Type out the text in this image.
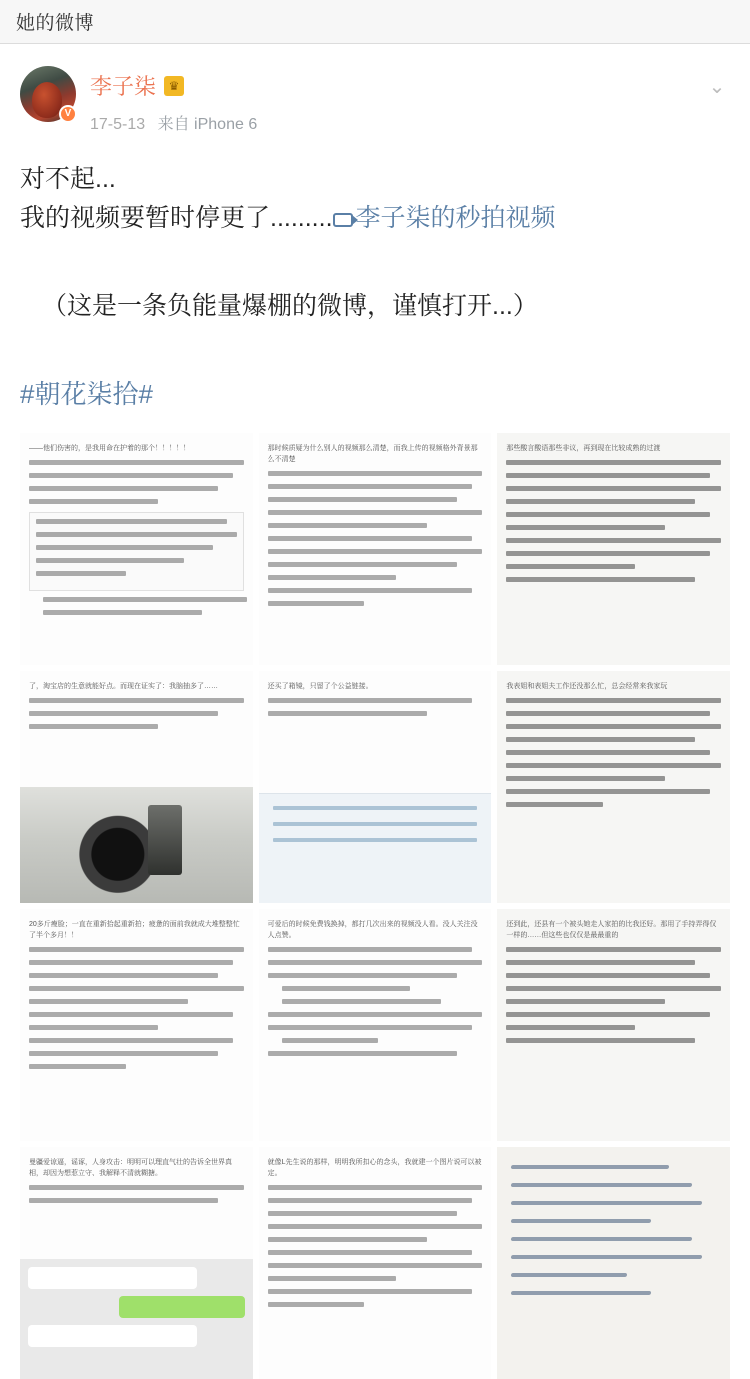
她的微博
V
李子柒	♛
17-5-13 来自 iPhone 6
⌄
对不起...
我的视频要暂时停更了......... 李子柒的秒拍视频
（这是一条负能量爆棚的微博，谨慎打开...）
#朝花柒拾#
——他们伤害的，是我用命在护着的那个！！！！！	那时候质疑为什么别人的视频那么清楚，而我上传的视频格外背景那么不清楚
那些酸言酸语那些非议，再到现在比较成熟的过渡
了，淘宝店的生意就能好点。而现在证实了：我脑抽多了……	还买了箱镜，只留了个公益链接。	我表姐和表姐夫工作还没那么忙，总会经常来我家玩
20多斤瘦脸；一直在重新拾起重新拍；疲惫的面前我就成大堆整整忙了半个多月！！
可爱后的时候免费钱换掉，都打几次出来的视频没人看。没人关注没人点赞。
还到此，还县有一个被头她走人家拍的比我还好。那用了手持弄得仅一样的……但这些也仅仅是最最重的
曼疆爱谅逼，谣诼，人身攻击：明明可以理直气壮的告诉全世界真相，却因为想惹立守、我解释不清就糊搪。
就像L先生说的那样，明明我所扣心的念头，我就建一个图片说可以被定。
